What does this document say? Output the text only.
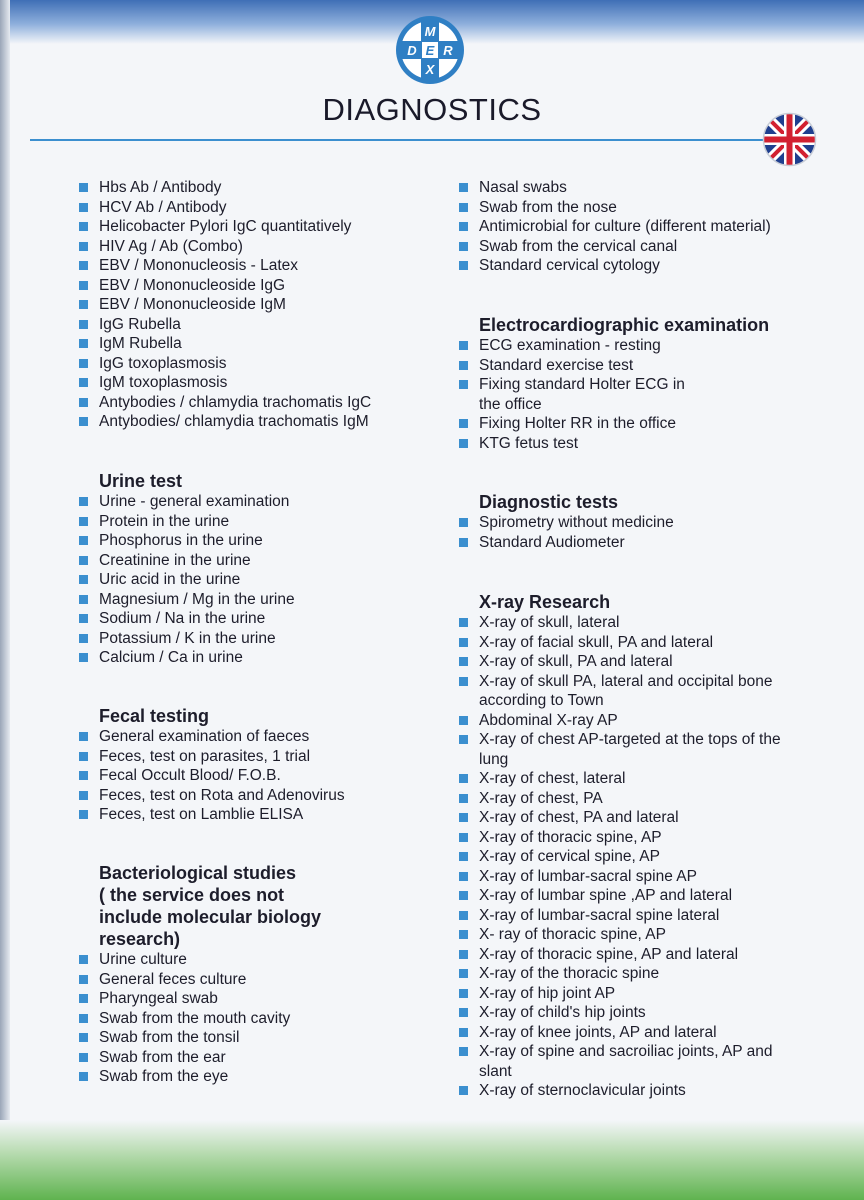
M
D E R
X
DIAGNOSTICS
Hbs Ab / Antibody
HCV Ab / Antibody
Helicobacter Pylori IgC quantitatively
HIV Ag / Ab (Combo)
EBV / Mononucleosis - Latex
EBV / Mononucleoside IgG
EBV / Mononucleoside IgM
IgG Rubella
IgM Rubella
IgG toxoplasmosis
IgM toxoplasmosis
Antybodies / chlamydia trachomatis IgC
Antybodies/ chlamydia trachomatis IgM
Urine test
Urine - general examination
Protein in the urine
Phosphorus in the urine
Creatinine in the urine
Uric acid in the urine
Magnesium / Mg in the urine
Sodium / Na in the urine
Potassium / K in the urine
Calcium / Ca in urine
Fecal testing
General examination of faeces
Feces, test on parasites, 1 trial
Fecal Occult Blood/ F.O.B.
Feces, test on Rota and Adenovirus
Feces, test on Lamblie ELISA
Bacteriological studies
( the service does not
include molecular biology
research)
Urine culture
General feces culture
Pharyngeal swab
Swab from the mouth cavity
Swab from the tonsil
Swab from the ear
Swab from the eye
Nasal swabs
Swab from the nose
Antimicrobial for culture (different material)
Swab from the cervical canal
Standard cervical cytology
Electrocardiographic examination
ECG examination - resting
Standard exercise test
Fixing standard Holter ECG in the office
Fixing Holter RR in the office
KTG fetus test
Diagnostic tests
Spirometry without medicine
Standard Audiometer
X-ray Research
X-ray of skull, lateral
X-ray of facial skull, PA and lateral
X-ray of skull, PA and lateral
X-ray of skull PA, lateral and occipital bone according to Town
Abdominal X-ray AP
X-ray of chest AP-targeted at the tops of the lung
X-ray of chest, lateral
X-ray of chest, PA
X-ray of chest, PA and lateral
X-ray of thoracic spine, AP
X-ray of cervical spine, AP
X-ray of lumbar-sacral spine AP
X-ray of lumbar spine ,AP and lateral
X-ray of lumbar-sacral spine lateral
X- ray of thoracic spine, AP
X-ray of thoracic spine, AP and lateral
X-ray of the thoracic spine
X-ray of hip joint AP
X-ray of child's hip joints
X-ray of knee joints, AP and lateral
X-ray of spine and sacroiliac joints, AP and slant
X-ray of sternoclavicular joints
